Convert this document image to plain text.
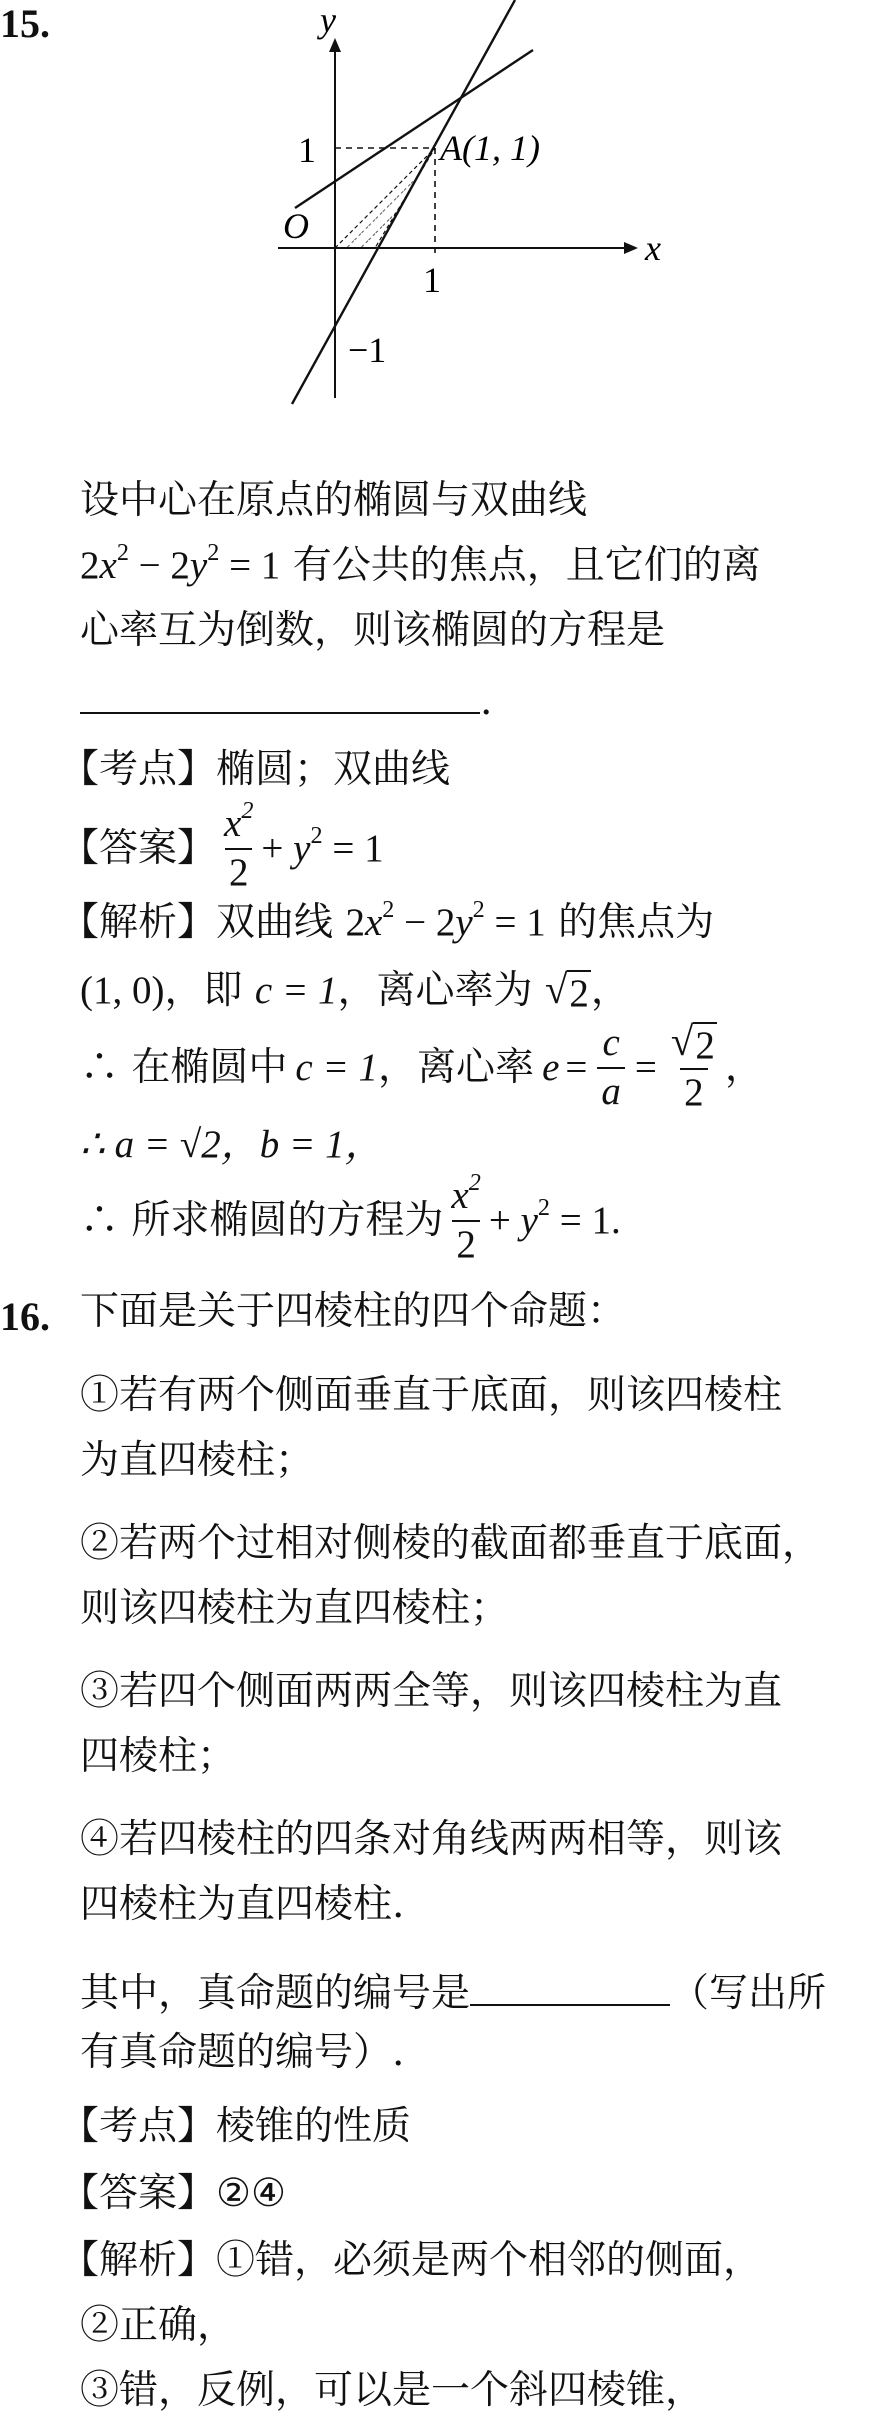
y
x
O
1
1
−1
A(1, 1)
15.
设中心在原点的椭圆与双曲线
$2x^2 - 2y^2 = 1$ 有公共的焦点，且它们的离
心率互为倒数，则该椭圆的方程是
.
【考点】椭圆；双曲线
【答案】 $\frac{x^2}{2} + y^2 = 1$
【解析】双曲线 $2x^2 - 2y^2 = 1$ 的焦点为
(1, 0)，即 c = 1，离心率为 √ 2 ，
∴ 在椭圆中 c = 1 ，离心率 $e = \frac{c}{a} = \frac{√ 2}{2}$ ，
∴ a = √2，b = 1，
∴ 所求椭圆的方程为 $\frac{x^2}{2} + y^2 = 1$.
16. 下面是关于四棱柱的四个命题：
①若有两个侧面垂直于底面，则该四棱柱
为直四棱柱；
②若两个过相对侧棱的截面都垂直于底面，
则该四棱柱为直四棱柱；
③若四个侧面两两全等，则该四棱柱为直
四棱柱；
④若四棱柱的四条对角线两两相等，则该
四棱柱为直四棱柱.
其中，真命题的编号是	（写出所
有真命题的编号）.
【考点】棱锥的性质
【答案】②④
【解析】①错，必须是两个相邻的侧面，
②正确，
③错，反例，可以是一个斜四棱锥，
